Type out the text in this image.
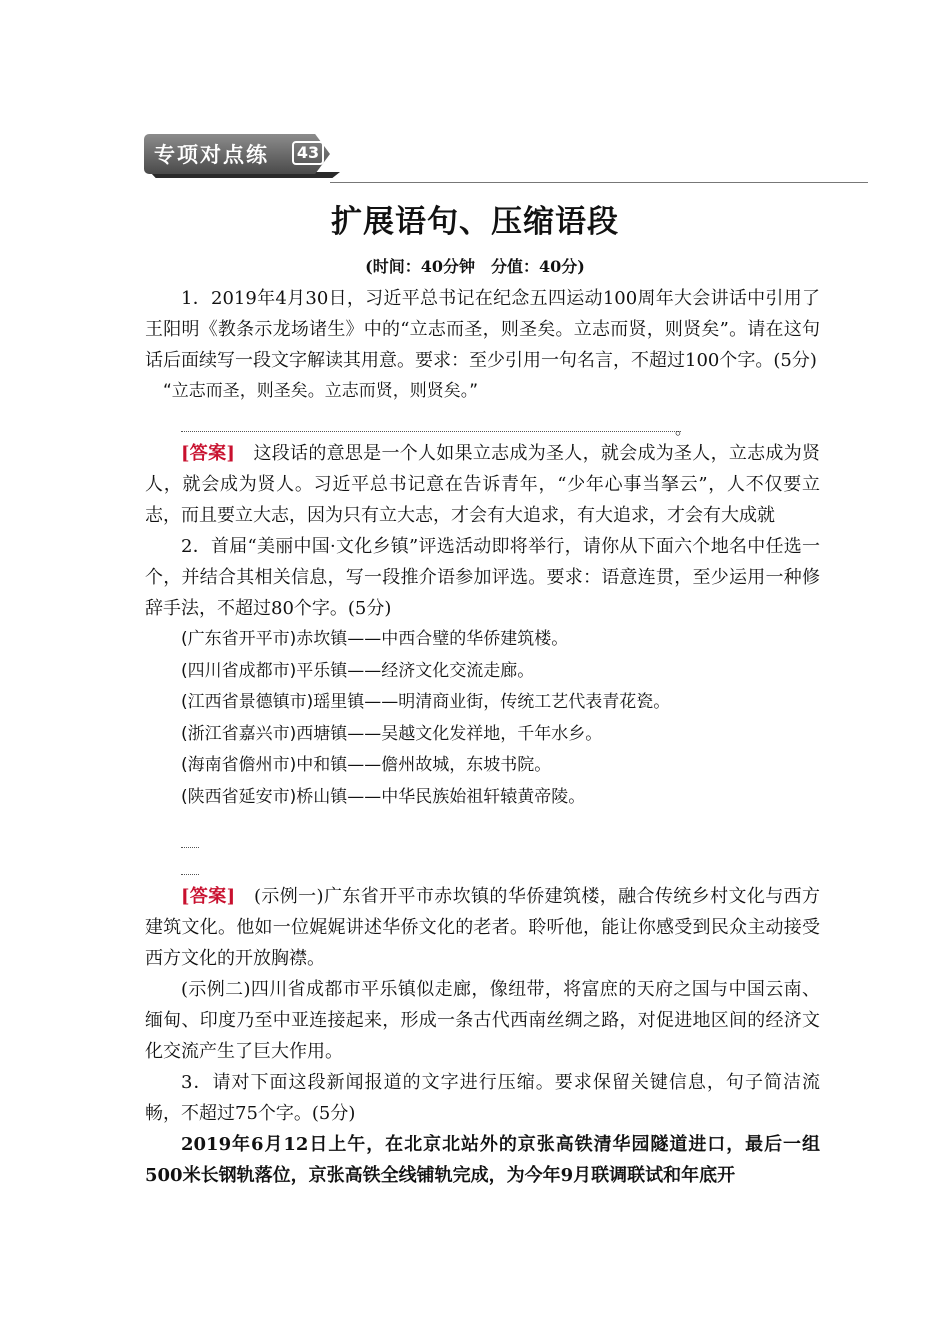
专项对点练	43
扩展语句、压缩语段
(时间：40分钟　分值：40分)

1．2019年4月30日，习近平总书记在纪念五四运动100周年大会讲话中引用了王阳明《教条示龙场诸生》中的“立志而圣，则圣矣。立志而贤，则贤矣”。请在这句话后面续写一段文字解读其用意。要求：至少引用一句名言，不超过100个字。(5分)

“立志而圣，则圣矣。立志而贤，则贤矣。”

。

[答案]　 这段话的意思是一个人如果立志成为圣人，就会成为圣人，立志成为贤人，就会成为贤人。习近平总书记意在告诉青年，“少年心事当拏云”，人不仅要立志，而且要立大志，因为只有立大志，才会有大追求，有大追求，才会有大成就

2．首届“美丽中国·文化乡镇”评选活动即将举行，请你从下面六个地名中任选一个，并结合其相关信息，写一段推介语参加评选。要求：语意连贯，至少运用一种修辞手法，不超过80个字。(5分)

(广东省开平市)赤坎镇——中西合璧的华侨建筑楼。

(四川省成都市)平乐镇——经济文化交流走廊。

(江西省景德镇市)瑶里镇——明清商业街，传统工艺代表青花瓷。

(浙江省嘉兴市)西塘镇——吴越文化发祥地，千年水乡。

(海南省儋州市)中和镇——儋州故城，东坡书院。

(陕西省延安市)桥山镇——中华民族始祖轩辕黄帝陵。

[答案]　 (示例一)广东省开平市赤坎镇的华侨建筑楼，融合传统乡村文化与西方建筑文化。他如一位娓娓讲述华侨文化的老者。聆听他，能让你感受到民众主动接受西方文化的开放胸襟。

(示例二)四川省成都市平乐镇似走廊，像纽带，将富庶的天府之国与中国云南、缅甸、印度乃至中亚连接起来，形成一条古代西南丝绸之路，对促进地区间的经济文化交流产生了巨大作用。

3．请对下面这段新闻报道的文字进行压缩。要求保留关键信息，句子简洁流畅，不超过75个字。(5分)

2019年6月12日上午，在北京北站外的京张高铁清华园隧道进口，最后一组500米长钢轨落位，京张高铁全线铺轨完成，为今年9月联调联试和年底开
